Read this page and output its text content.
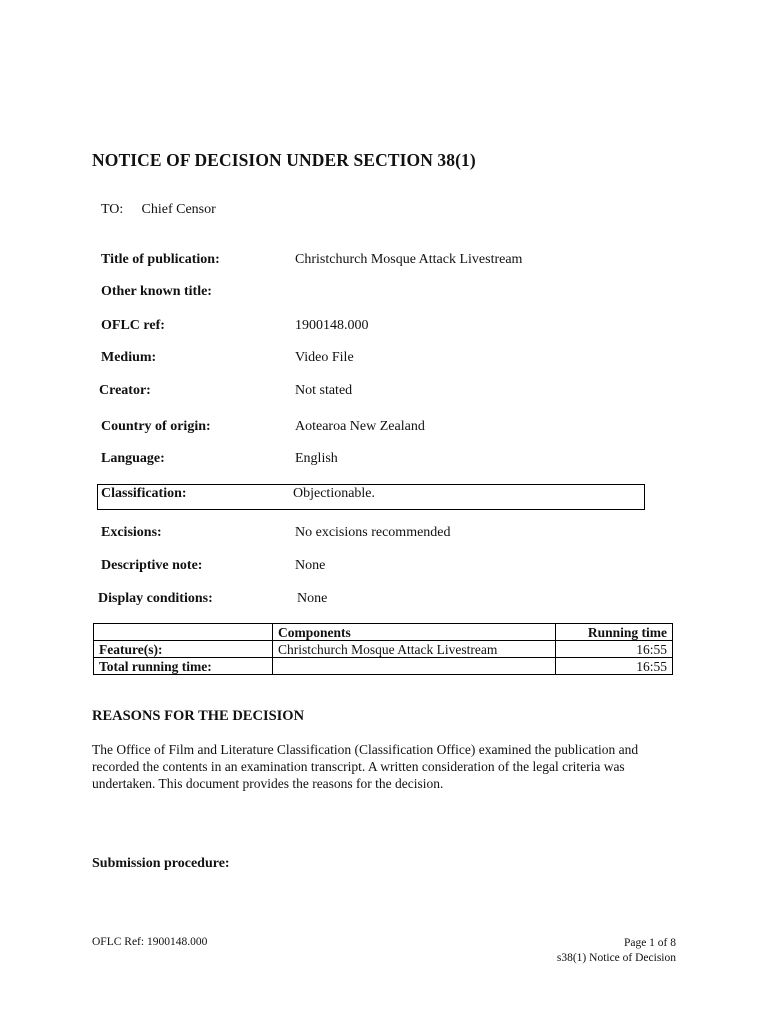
NOTICE OF DECISION UNDER SECTION 38(1)
TO: Chief Censor
Title of publication:	Christchurch Mosque Attack Livestream
Other known title:
OFLC ref:	1900148.000
Medium:	Video File
Creator:	Not stated
Country of origin:	Aotearoa New Zealand
Language:	English
Classification:	Objectionable.
Excisions:	No excisions recommended
Descriptive note:	None
Display conditions:	None
	Components	Running time
Feature(s):	Christchurch Mosque Attack Livestream	16:55
Total running time:		16:55
REASONS FOR THE DECISION
The Office of Film and Literature Classification (Classification Office) examined the publication and recorded the contents in an examination transcript. A written consideration of the legal criteria was undertaken. This document provides the reasons for the decision.
Submission procedure:
OFLC Ref: 1900148.000	Page 1 of 8
s38(1) Notice of Decision
